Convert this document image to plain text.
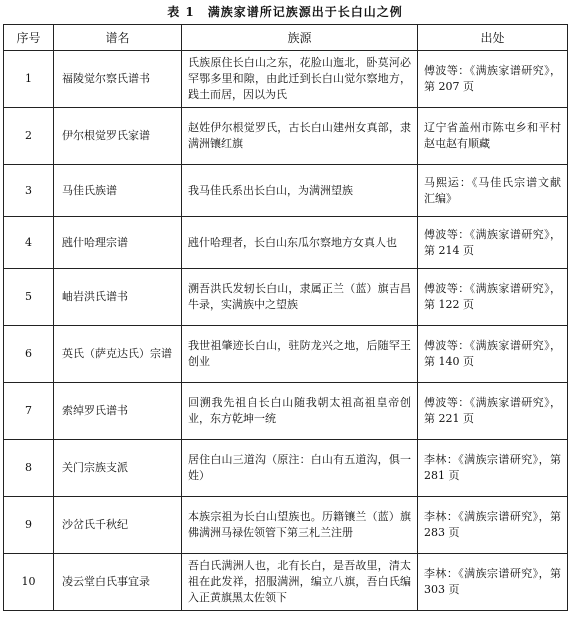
表 1　满族家谱所记族源出于长白山之例
序号	谱名	族源	出处
1	福陵觉尔察氏谱书	氏族原住长白山之东，花脸山迤北，卧莫河必罕鄂多里和隙，由此迁到长白山觉尔察地方，践土而居，因以为氏	傅波等：《满族家谱研究》，第 207 页
2	伊尔根觉罗氏家谱	赵姓伊尔根觉罗氏，古长白山建州女真部，隶满洲镶红旗	辽宁省盖州市陈屯乡和平村赵屯赵有顺藏
3	马佳氏族谱	我马佳氏系出长白山，为满洲望族	马熙运：《马佳氏宗谱文献汇编》
4	瓲什哈理宗谱	瓲什哈理者，长白山东瓜尔察地方女真人也	傅波等：《满族家谱研究》，第 214 页
5	岫岩洪氏谱书	溯吾洪氏发轫长白山，隶属正兰（蓝）旗吉昌牛录，实满族中之望族	傅波等：《满族家谱研究》，第 122 页
6	英氏（萨克达氏）宗谱	我世祖肇迹长白山，驻防龙兴之地，后随罕王创业	傅波等：《满族家谱研究》，第 140 页
7	索绰罗氏谱书	回溯我先祖自长白山随我朝太祖高祖皇帝创业，东方乾坤一统	傅波等：《满族家谱研究》，第 221 页
8	关门宗族支派	居住白山三道沟（原注：白山有五道沟，俱一姓）	李林：《满族宗谱研究》，第 281 页
9	沙岔氏千秋纪	本族宗祖为长白山望族也。历籍镶兰（蓝）旗佛满洲马禄佐领管下第三札兰注册	李林：《满族宗谱研究》，第 283 页
10	凌云堂白氏事宜录	吾白氏满洲人也，北有长白，是吾故里，清太祖在此发祥，招服满洲，编立八旗，吾白氏编入正黄旗黑太佐领下	李林：《满族宗谱研究》，第 303 页
